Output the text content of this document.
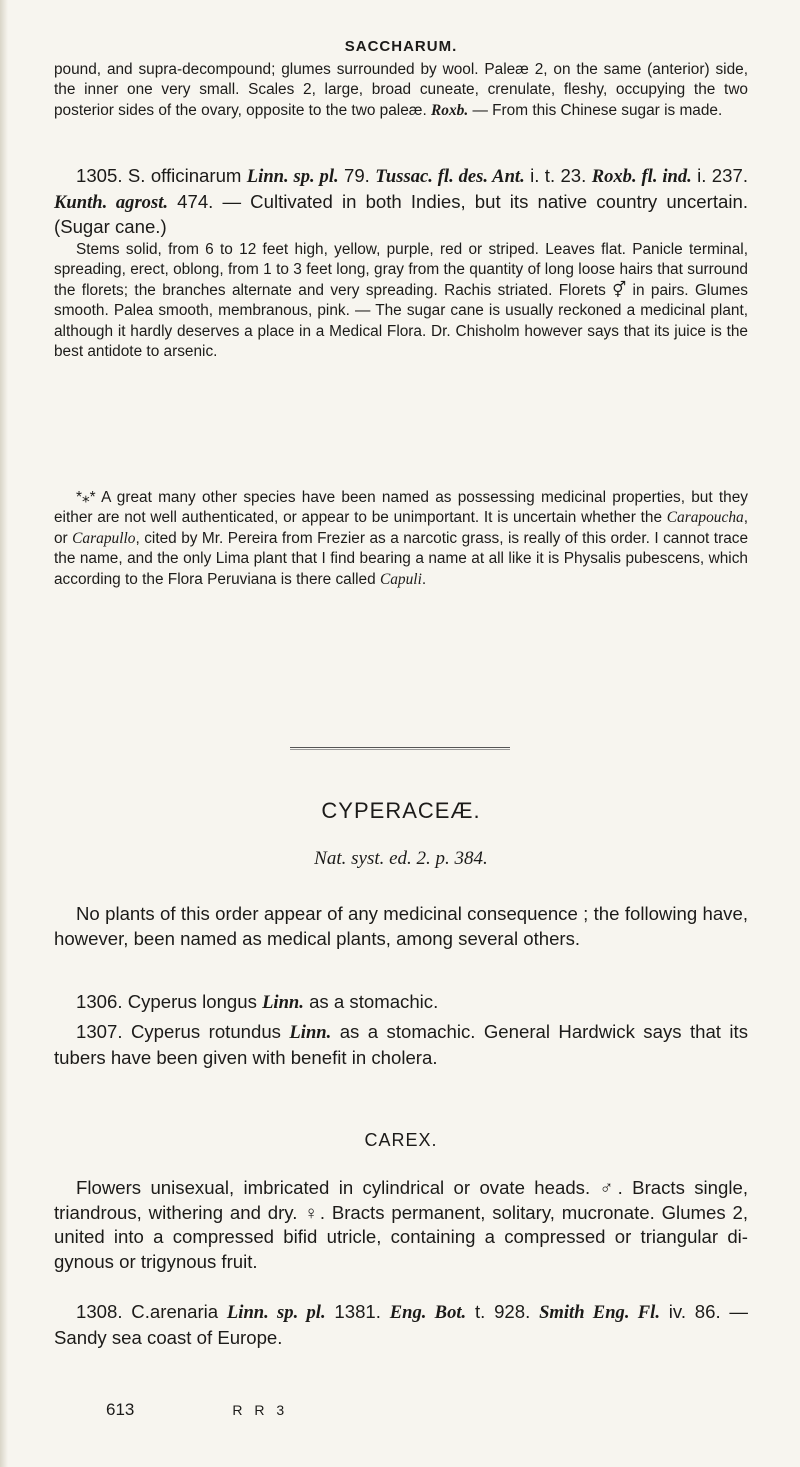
SACCHARUM.

pound, and supra-decompound; glumes surrounded by wool. Paleæ 2, on the same (anterior) side, the inner one very small. Scales 2, large, broad cuneate, crenulate, fleshy, occupying the two posterior sides of the ovary, opposite to the two paleæ. Roxb. — From this Chinese sugar is made.

1305. S. officinarum Linn. sp. pl. 79. Tussac. fl. des. Ant. i. t. 23. Roxb. fl. ind. i. 237. Kunth. agrost. 474. — Cultivated in both Indies, but its native country uncertain. (Sugar cane.)

Stems solid, from 6 to 12 feet high, yellow, purple, red or striped. Leaves flat. Panicle terminal, spreading, erect, oblong, from 1 to 3 feet long, gray from the quantity of long loose hairs that surround the florets; the branches alternate and very spreading. Rachis striated. Florets ⚥ in pairs. Glumes smooth. Palea smooth, membranous, pink. — The sugar cane is usually reckoned a medicinal plant, although it hardly deserves a place in a Medical Flora. Dr. Chisholm however says that its juice is the best antidote to arsenic.

*⁎* A great many other species have been named as possessing medicinal properties, but they either are not well authenticated, or appear to be unimportant. It is uncertain whether the Carapoucha, or Carapullo, cited by Mr. Pereira from Frezier as a narcotic grass, is really of this order. I cannot trace the name, and the only Lima plant that I find bearing a name at all like it is Physalis pubescens, which according to the Flora Peruviana is there called Capuli.

CYPERACEÆ.
Nat. syst. ed. 2. p. 384.

No plants of this order appear of any medicinal consequence ; the following have, however, been named as medical plants, among several others.

1306. Cyperus longus Linn. as a stomachic.

1307. Cyperus rotundus Linn. as a stomachic. General Hardwick says that its tubers have been given with benefit in cholera.

CAREX.

Flowers unisexual, imbricated in cylindrical or ovate heads. ♂. Bracts single, triandrous, withering and dry. ♀. Bracts permanent, solitary, mucronate. Glumes 2, united into a compressed bifid utricle, containing a compressed or triangular di-gynous or trigynous fruit.

1308. C.arenaria Linn. sp. pl. 1381. Eng. Bot. t. 928. Smith Eng. Fl. iv. 86. — Sandy sea coast of Europe.

613	R R 3
